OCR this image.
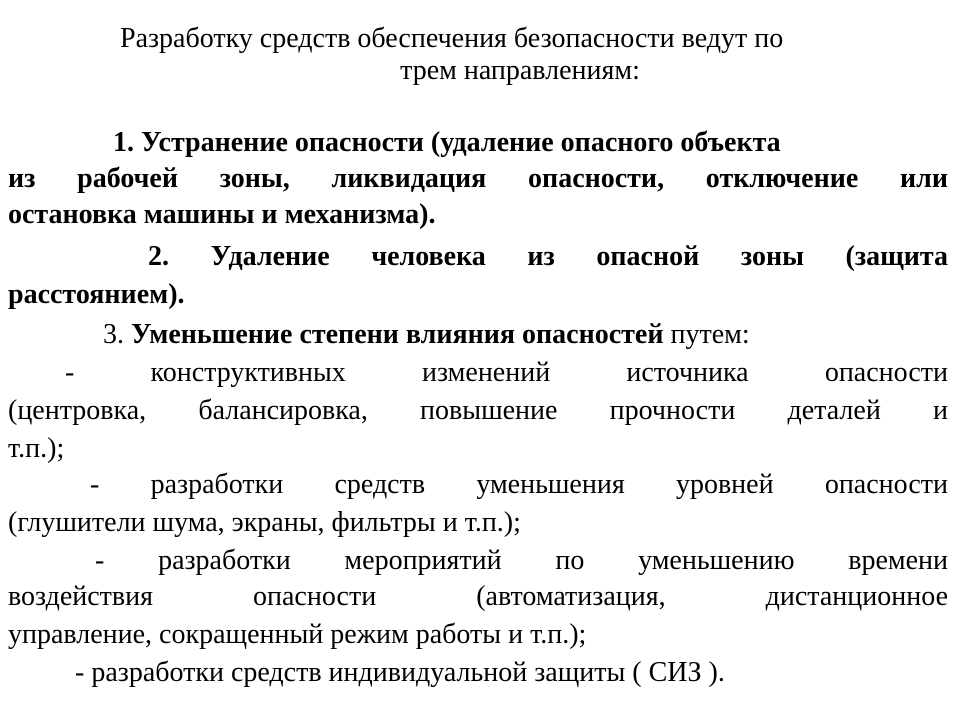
Разработку средств обеспечения безопасности ведут по
трем направлениям:
1. Устранение опасности (удаление опасного объекта
из рабочей зоны, ликвидация опасности, отключение или
остановка машины и механизма).
2. Удаление человека из опасной зоны (защита
расстоянием).
3. Уменьшение степени влияния опасностей путем:
- конструктивных изменений источника опасности
(центровка, балансировка, повышение прочности деталей и
т.п.);
- разработки средств уменьшения уровней опасности
(глушители шума, экраны, фильтры и т.п.);
- разработки мероприятий по уменьшению времени
воздействия опасности (автоматизация, дистанционное
управление, сокращенный режим работы и т.п.);
- разработки средств индивидуальной защиты ( СИЗ ).
